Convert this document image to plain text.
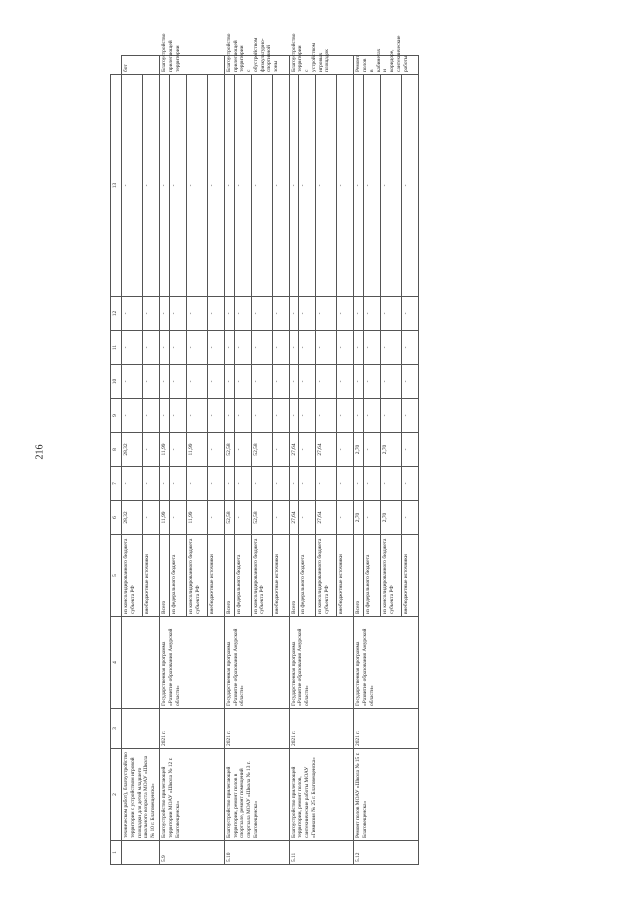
216
1	2	3	4	5	6	7	8	9	10	11	12	13	
	техническом работ), благоустройство территории с устройством игровой площадки для детей младшего школьного возраста МОАУ «Школа № 10 г. Благовещенска»			из консолидированного бюджета субъекта РФ	28,32	-	28,32	-	-	-	-	-	бот
				внебюджетные источники	-	-	-	-	-	-	-	-	
5.9	Благоустройство прилегающей территории МОАУ «Школа № 12 г. Благовещенска»	2021 г.	Государственная программа «Развитие образования Амурской области»	Всего	11,99	-	11,99	-	-	-	-	-	Благоустройство прилегающей территории
				из федерального бюджета	-	-	-	-	-	-	-	-	
				из консолидированного бюджета субъекта РФ	11,99	-	11,99	-	-	-	-	-	
				внебюджетные источники	-	-	-	-	-	-	-	-	
5.10	Благоустройство прилегающей территории, ремонт полов в спортзале, ремонт помещений спортзала МОАУ «Школа № 13 г. Благовещенска»	2021 г.	Государственная программа «Развитие образования Амурской области»	Всего	52,58	-	52,58	-	-	-	-	-	Благоустройство прилегающей территории с обустройством физкультурно-спортивной зоны
				из федерального бюджета	-	-	-	-	-	-	-	-	
				из консолидированного бюджета субъекта РФ	52,58	-	52,58	-	-	-	-	-	
				внебюджетные источники	-	-	-	-	-	-	-	-	
5.11	Благоустройство прилегающей территории, ремонт полов, сантехнические работы МОАУ «Гимназия № 25 г. Благовещенска»	2021 г.	Государственная программа «Развитие образования Амурской области»	Всего	27,64	-	27,64	-	-	-	-	-	Благоустройство территории с устройством игровых площадок
				из федерального бюджета	-	-	-	-	-	-	-	-	
				из консолидированного бюджета субъекта РФ	27,64	-	27,64	-	-	-	-	-	
				внебюджетные источники	-	-	-	-	-	-	-	-	
5.12	Ремонт полов МОАУ «Школа № 15 г. Благовещенска»	2021 г.	Государственная программа «Развитие образования Амурской области»	Всего	2,70	-	2,70	-	-	-	-	-	Ремонт полов в кабинетах и коридоре, сантехнические работы
				из федерального бюджета	-	-	-	-	-	-	-	-	
				из консолидированного бюджета субъекта РФ	2,70	-	2,70	-	-	-	-	-	
				внебюджетные источники	-	-	-	-	-	-	-	-	
